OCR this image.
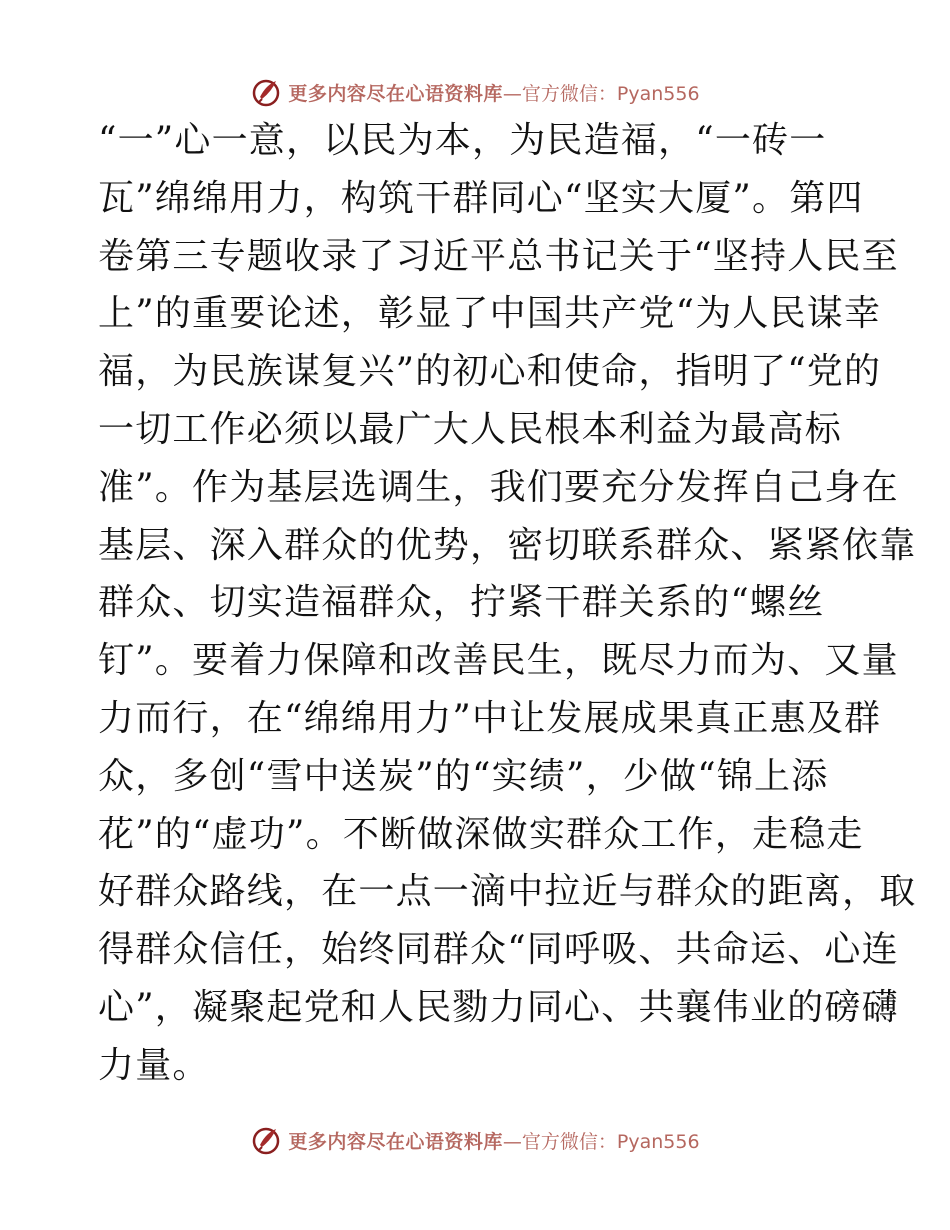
更多内容尽在心语资料库 —官方微信：Pyan556
“一”心一意，以民为本，为民造福，“一砖一
瓦”绵绵用力，构筑干群同心“坚实大厦”。第四
卷第三专题收录了习近平总书记关于“坚持人民至
上”的重要论述，彰显了中国共产党“为人民谋幸
福，为民族谋复兴”的初心和使命，指明了“党的
一切工作必须以最广大人民根本利益为最高标
准”。作为基层选调生，我们要充分发挥自己身在
基层、深入群众的优势，密切联系群众、紧紧依靠
群众、切实造福群众，拧紧干群关系的“螺丝
钉”。要着力保障和改善民生，既尽力而为、又量
力而行，在“绵绵用力”中让发展成果真正惠及群
众，多创“雪中送炭”的“实绩”，少做“锦上添
花”的“虚功”。不断做深做实群众工作，走稳走
好群众路线，在一点一滴中拉近与群众的距离，取
得群众信任，始终同群众“同呼吸、共命运、心连
心”，凝聚起党和人民勠力同心、共襄伟业的磅礴
力量。
更多内容尽在心语资料库 —官方微信：Pyan556
